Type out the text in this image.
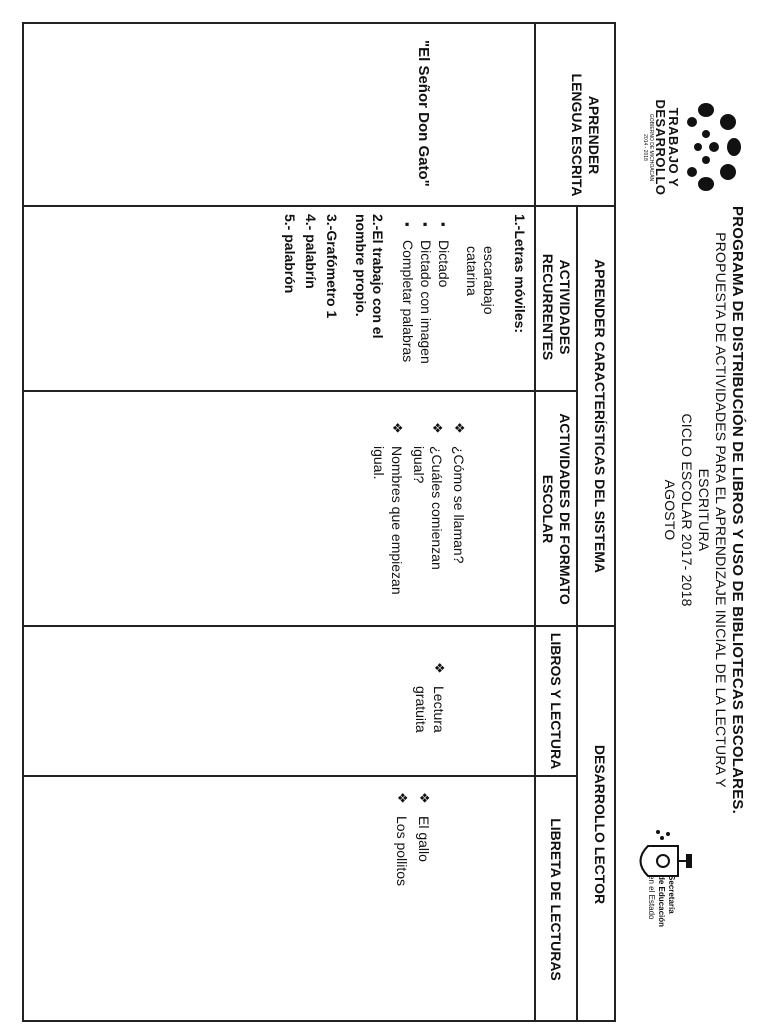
TRABAJO Y
DESARROLLO
GOBIERNO DE MICHOACÁN
2014 - 2018
PROGRAMA DE DISTRIBUCIÓN DE LIBROS Y USO DE BIBLIOTECAS ESCOLARES.
PROPUESTA DE ACTIVIDADES PARA EL APRENDIZAJE INICIAL DE LA LECTURA Y
ESCRITURA
CICLO ESCOLAR 2017- 2018
AGOSTO
Secretaría
de Educación
en el Estado
APRENDER LENGUA ESCRITA
APRENDER CARACTERÍSTICAS DEL SISTEMA
DESARROLLO LECTOR
ACTIVIDADES RECURRENTES
ACTIVIDADES DE FORMATO ESCOLAR
LIBROS Y LECTURA
LIBRETA DE LECTURAS
"El Señor Don Gato"
1.-Letras móviles:
escarabajo
catarina
▪ Dictado
▪ Dictado con imagen
▪ Completar palabras
2.-El trabajo con el nombre propio.
3.-Grafómetro 1
4.- palabrín
5.- palabrón
❖ ¿Cómo se llaman?
❖ ¿Cuáles comienzan igual?
❖ Nombres que empiezan igual.
❖ Lectura gratuita
❖ El gallo
❖ Los pollitos
